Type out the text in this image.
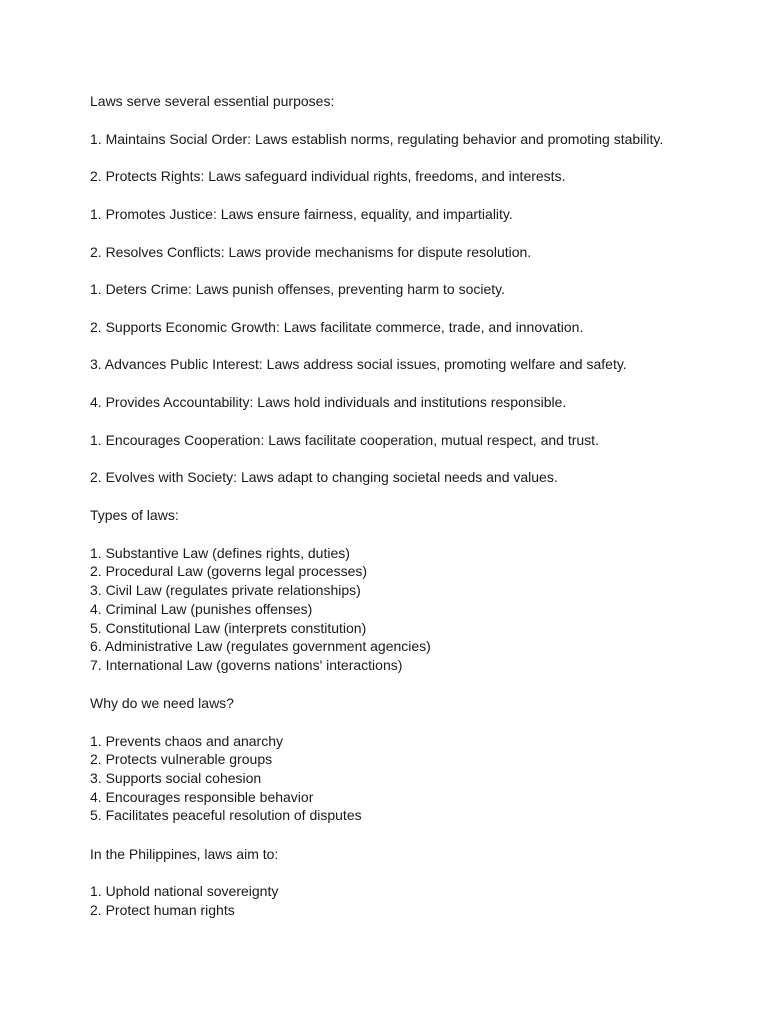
Laws serve several essential purposes:
1. Maintains Social Order: Laws establish norms, regulating behavior and promoting stability.
2. Protects Rights: Laws safeguard individual rights, freedoms, and interests.
1. Promotes Justice: Laws ensure fairness, equality, and impartiality.
2. Resolves Conflicts: Laws provide mechanisms for dispute resolution.
1. Deters Crime: Laws punish offenses, preventing harm to society.
2. Supports Economic Growth: Laws facilitate commerce, trade, and innovation.
3. Advances Public Interest: Laws address social issues, promoting welfare and safety.
4. Provides Accountability: Laws hold individuals and institutions responsible.
1. Encourages Cooperation: Laws facilitate cooperation, mutual respect, and trust.
2. Evolves with Society: Laws adapt to changing societal needs and values.
Types of laws:
1. Substantive Law (defines rights, duties)
2. Procedural Law (governs legal processes)
3. Civil Law (regulates private relationships)
4. Criminal Law (punishes offenses)
5. Constitutional Law (interprets constitution)
6. Administrative Law (regulates government agencies)
7. International Law (governs nations' interactions)
Why do we need laws?
1. Prevents chaos and anarchy
2. Protects vulnerable groups
3. Supports social cohesion
4. Encourages responsible behavior
5. Facilitates peaceful resolution of disputes
In the Philippines, laws aim to:
1. Uphold national sovereignty
2. Protect human rights
